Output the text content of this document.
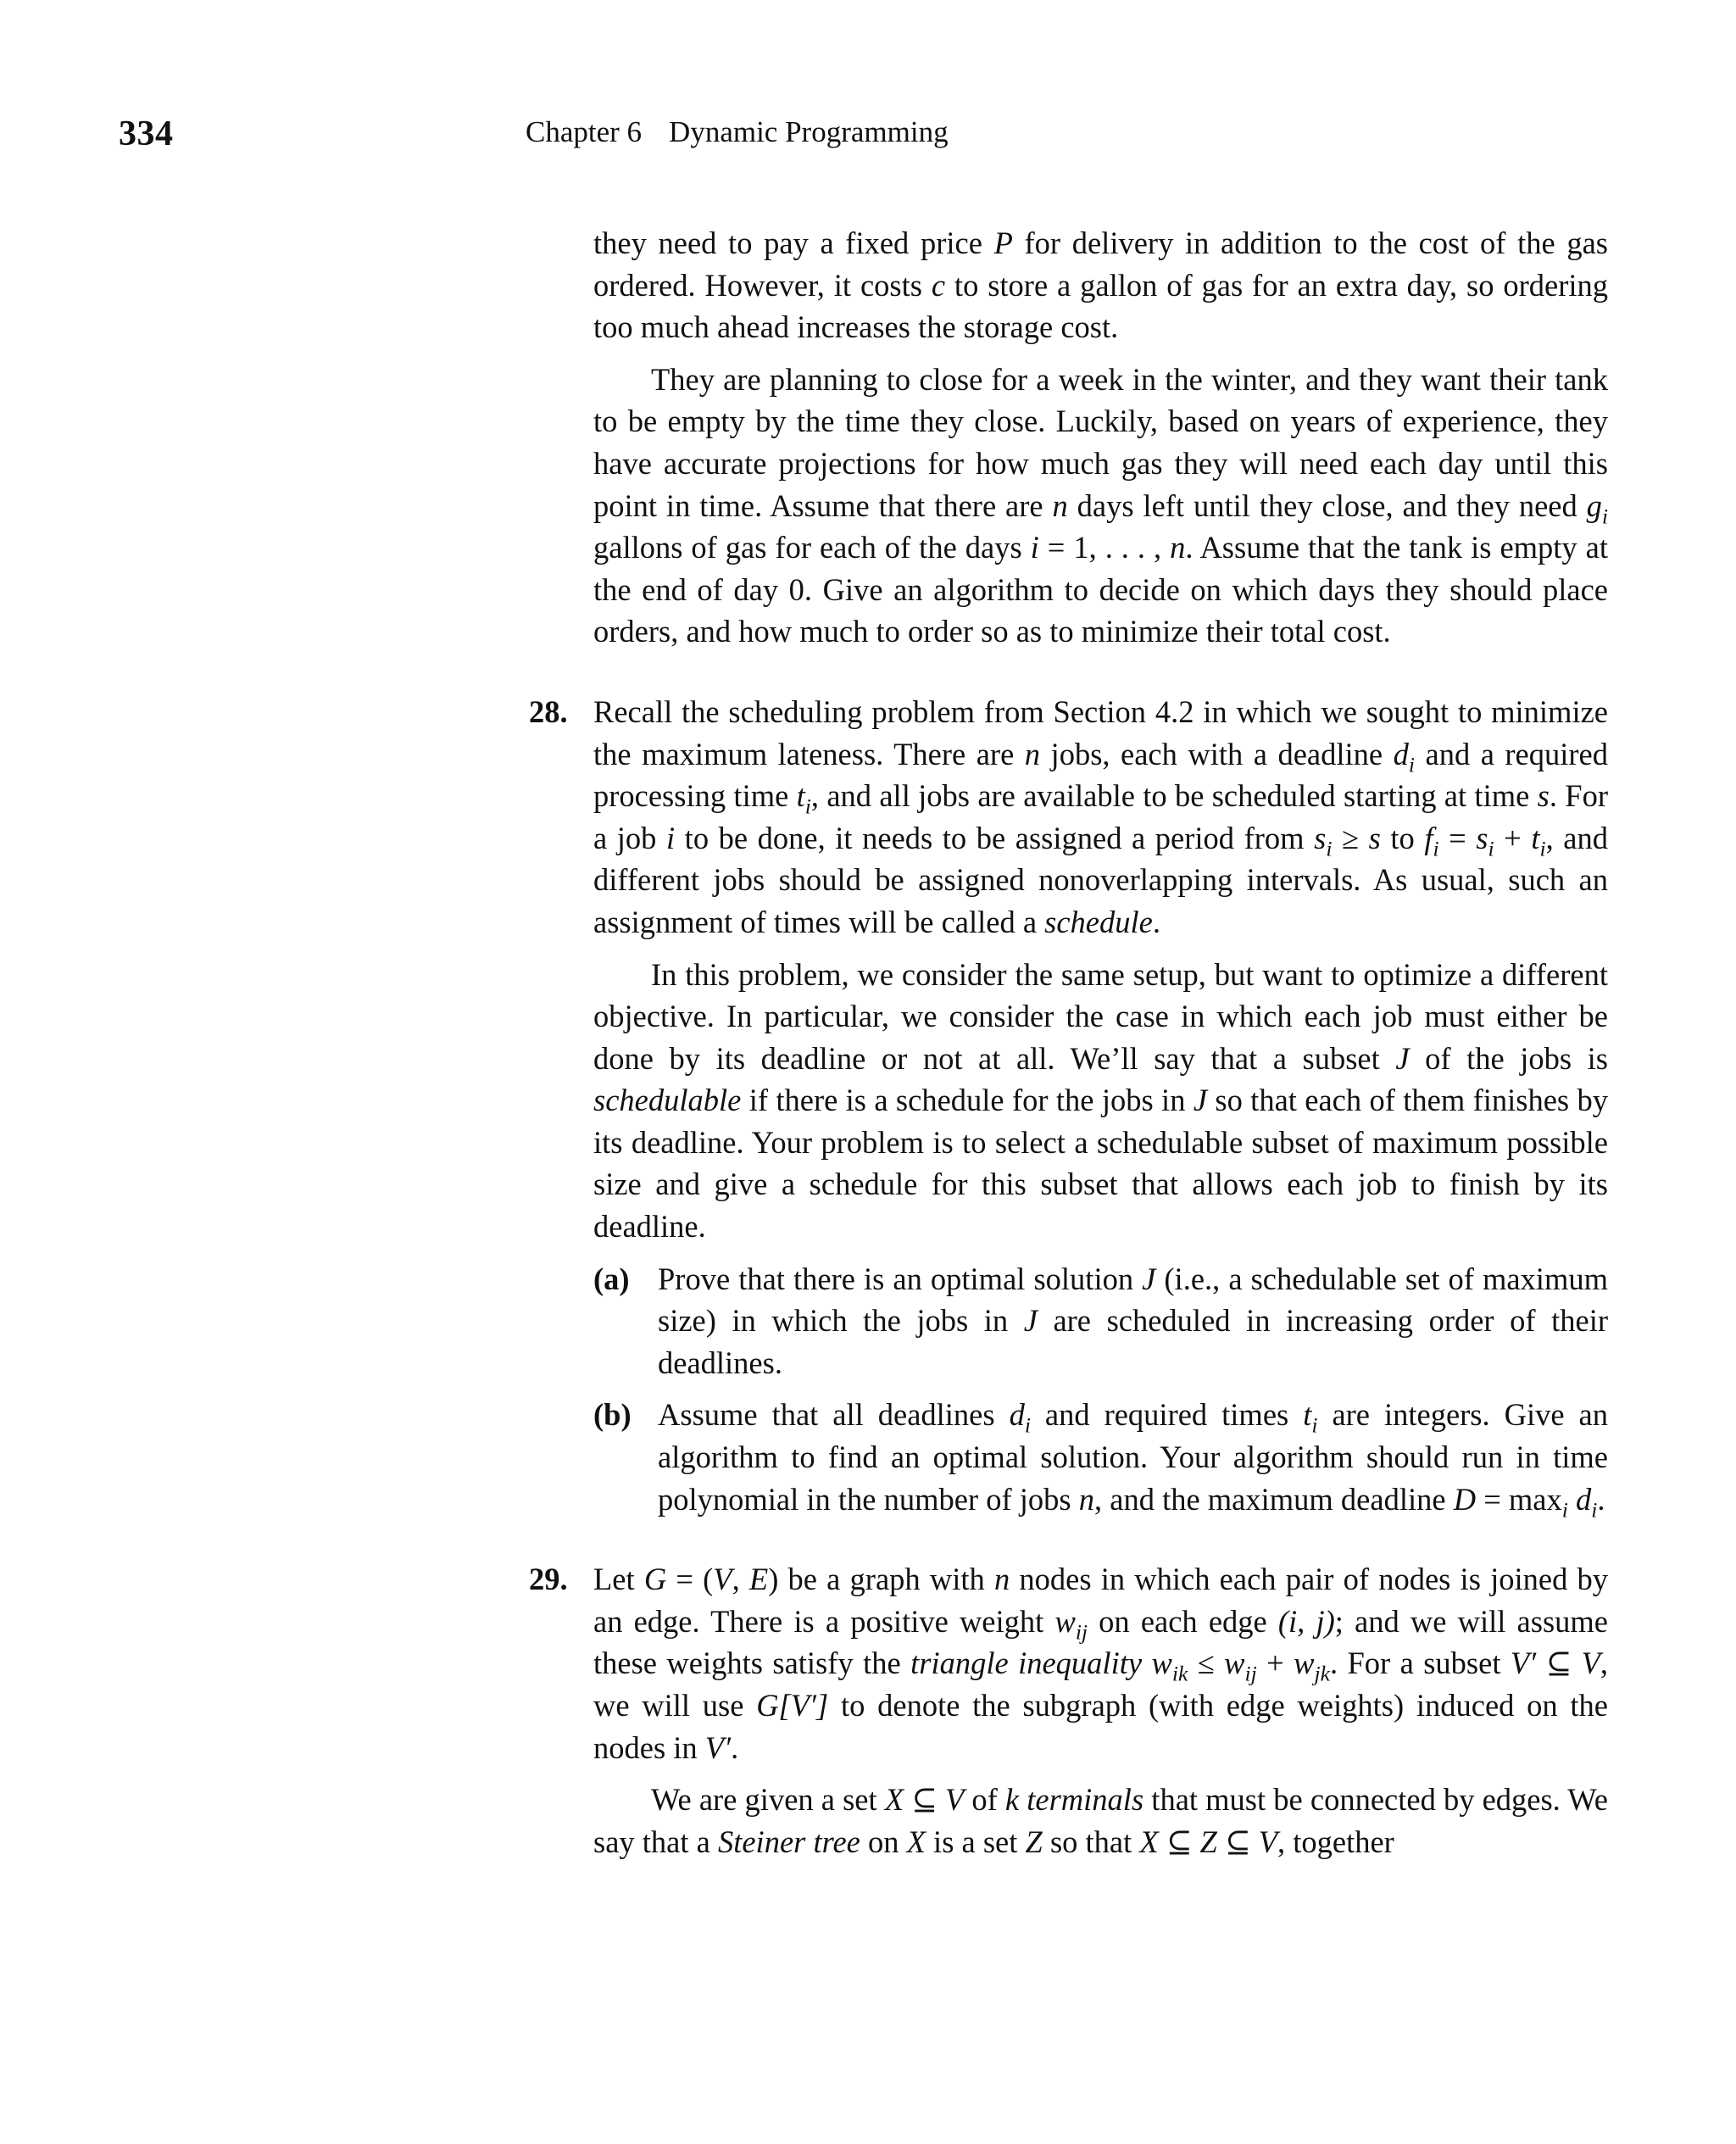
334	Chapter 6 Dynamic Programming

they need to pay a fixed price P for delivery in addition to the cost of the gas ordered. However, it costs c to store a gallon of gas for an extra day, so ordering too much ahead increases the storage cost.

They are planning to close for a week in the winter, and they want their tank to be empty by the time they close. Luckily, based on years of experience, they have accurate projections for how much gas they will need each day until this point in time. Assume that there are n days left until they close, and they need $g_i$ gallons of gas for each of the days i = 1, . . . , n. Assume that the tank is empty at the end of day 0. Give an algorithm to decide on which days they should place orders, and how much to order so as to minimize their total cost.

28. Recall the scheduling problem from Section 4.2 in which we sought to minimize the maximum lateness. There are n jobs, each with a deadline $d_i$ and a required processing time $t_i$, and all jobs are available to be scheduled starting at time s. For a job i to be done, it needs to be assigned a period from $s_i \ge s$ to $f_i = s_i + t_i$, and different jobs should be assigned nonoverlapping intervals. As usual, such an assignment of times will be called a schedule.

In this problem, we consider the same setup, but want to optimize a different objective. In particular, we consider the case in which each job must either be done by its deadline or not at all. We’ll say that a subset J of the jobs is schedulable if there is a schedule for the jobs in J so that each of them finishes by its deadline. Your problem is to select a schedulable subset of maximum possible size and give a schedule for this subset that allows each job to finish by its deadline.

(a) Prove that there is an optimal solution J (i.e., a schedulable set of maximum size) in which the jobs in J are scheduled in increasing order of their deadlines.
(b) Assume that all deadlines $d_i$ and required times $t_i$ are integers. Give an algorithm to find an optimal solution. Your algorithm should run in time polynomial in the number of jobs n, and the maximum deadline $D = \max_i d_i$.
29. Let G = (V, E) be a graph with n nodes in which each pair of nodes is joined by an edge. There is a positive weight $w_{ij}$ on each edge (i, j); and we will assume these weights satisfy the triangle inequality $w_{ik} \le w_{ij} + w_{jk}$. For a subset V′ ⊆ V, we will use G[V′] to denote the subgraph (with edge weights) induced on the nodes in V′.

We are given a set X ⊆ V of k terminals that must be connected by edges. We say that a Steiner tree on X is a set Z so that X ⊆ Z ⊆ V, together
